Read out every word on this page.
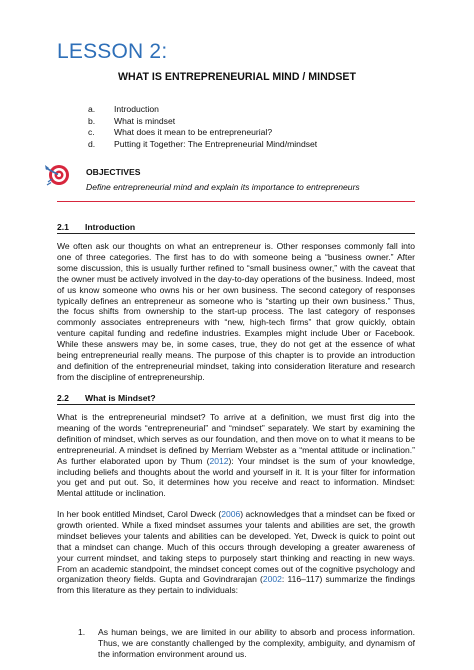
LESSON 2:
WHAT IS ENTREPRENEURIAL MIND / MINDSET
a.	Introduction
b.	What is mindset
c.	What does it mean to be entrepreneurial?
d.	Putting it Together: The Entrepreneurial Mind/mindset
OBJECTIVES
Define entrepreneurial mind and explain its importance to entrepreneurs
2.1 Introduction

We often ask our thoughts on what an entrepreneur is. Other responses commonly fall into one of three categories. The first has to do with someone being a “business owner.” After some discussion, this is usually further refined to “small business owner,” with the caveat that the owner must be actively involved in the day-to-day operations of the business. Indeed, most of us know someone who owns his or her own business. The second category of responses typically defines an entrepreneur as someone who is “starting up their own business.” Thus, the focus shifts from ownership to the start-up process. The last category of responses commonly associates entrepreneurs with “new, high-tech firms” that grow quickly, obtain venture capital funding and redefine industries. Examples might include Uber or Facebook. While these answers may be, in some cases, true, they do not get at the essence of what being entrepreneurial really means. The purpose of this chapter is to provide an introduction and definition of the entrepreneurial mindset, taking into consideration literature and research from the discipline of entrepreneurship.

2.2 What is Mindset?

What is the entrepreneurial mindset? To arrive at a definition, we must first dig into the meaning of the words “entrepreneurial” and “mindset” separately. We start by examining the definition of mindset, which serves as our foundation, and then move on to what it means to be entrepreneurial. A mindset is defined by Merriam Webster as a “mental attitude or inclination.” As further elaborated upon by Thum (2012): Your mindset is the sum of your knowledge, including beliefs and thoughts about the world and yourself in it. It is your filter for information you get and put out. So, it determines how you receive and react to information. Mindset: Mental attitude or inclination.

In her book entitled Mindset, Carol Dweck (2006) acknowledges that a mindset can be fixed or growth oriented. While a fixed mindset assumes your talents and abilities are set, the growth mindset believes your talents and abilities can be developed. Yet, Dweck is quick to point out that a mindset can change. Much of this occurs through developing a greater awareness of your current mindset, and taking steps to purposely start thinking and reacting in new ways. From an academic standpoint, the mindset concept comes out of the cognitive psychology and organization theory fields. Gupta and Govindrarajan (2002: 116–117) summarize the findings from this literature as they pertain to individuals:

1. As human beings, we are limited in our ability to absorb and process information. Thus, we are constantly challenged by the complexity, ambiguity, and dynamism of the information environment around us.
